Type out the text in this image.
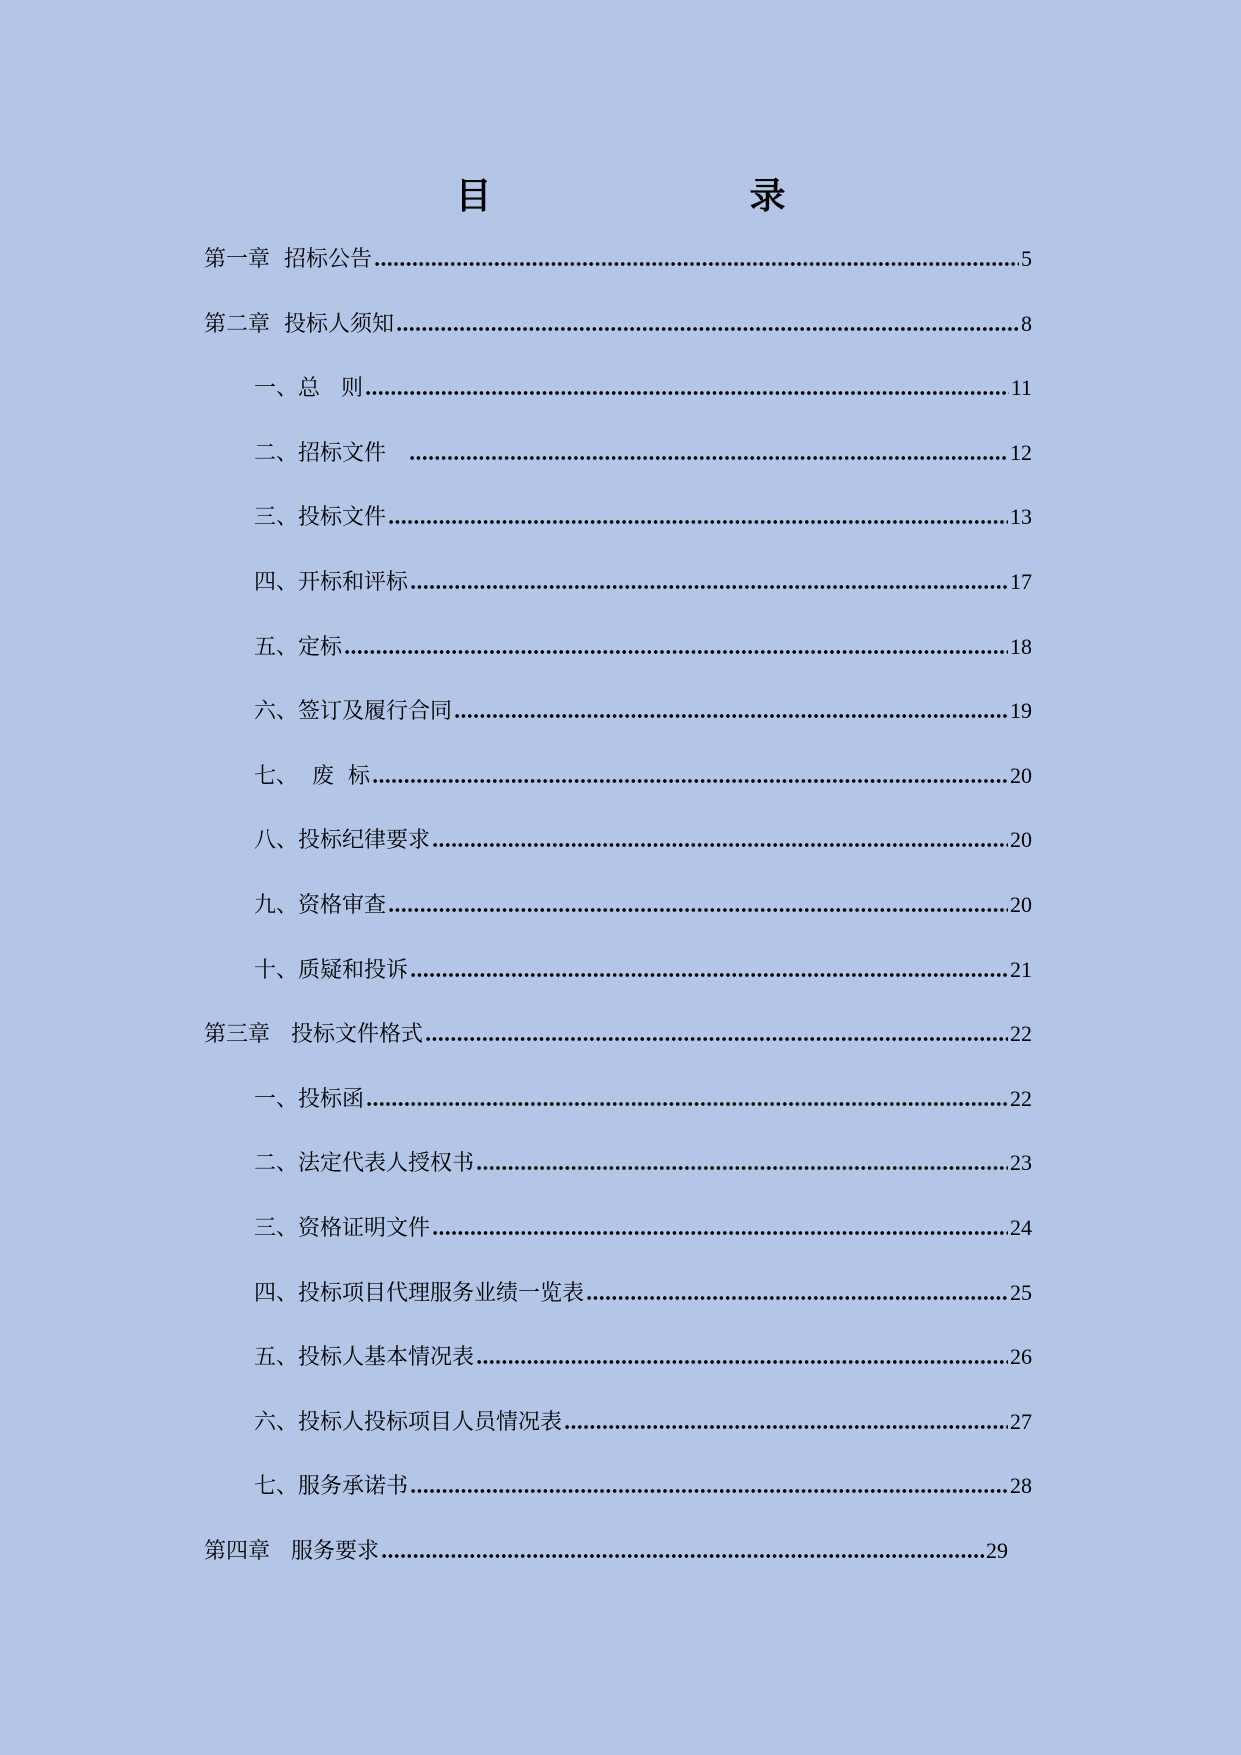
目　　录
第一章  招标公告	5
第二章  投标人须知	8
一、总   则	11
二、招标文件	12
三、投标文件	13
四、开标和评标	17
五、定标	18
六、签订及履行合同	19
七、  废  标	20
八、投标纪律要求	20
九、资格审查	20
十、质疑和投诉	21
第三章   投标文件格式	22
一、投标函	22
二、法定代表人授权书	23
三、资格证明文件	24
四、投标项目代理服务业绩一览表	25
五、投标人基本情况表	26
六、投标人投标项目人员情况表	27
七、服务承诺书	28
第四章   服务要求	29
